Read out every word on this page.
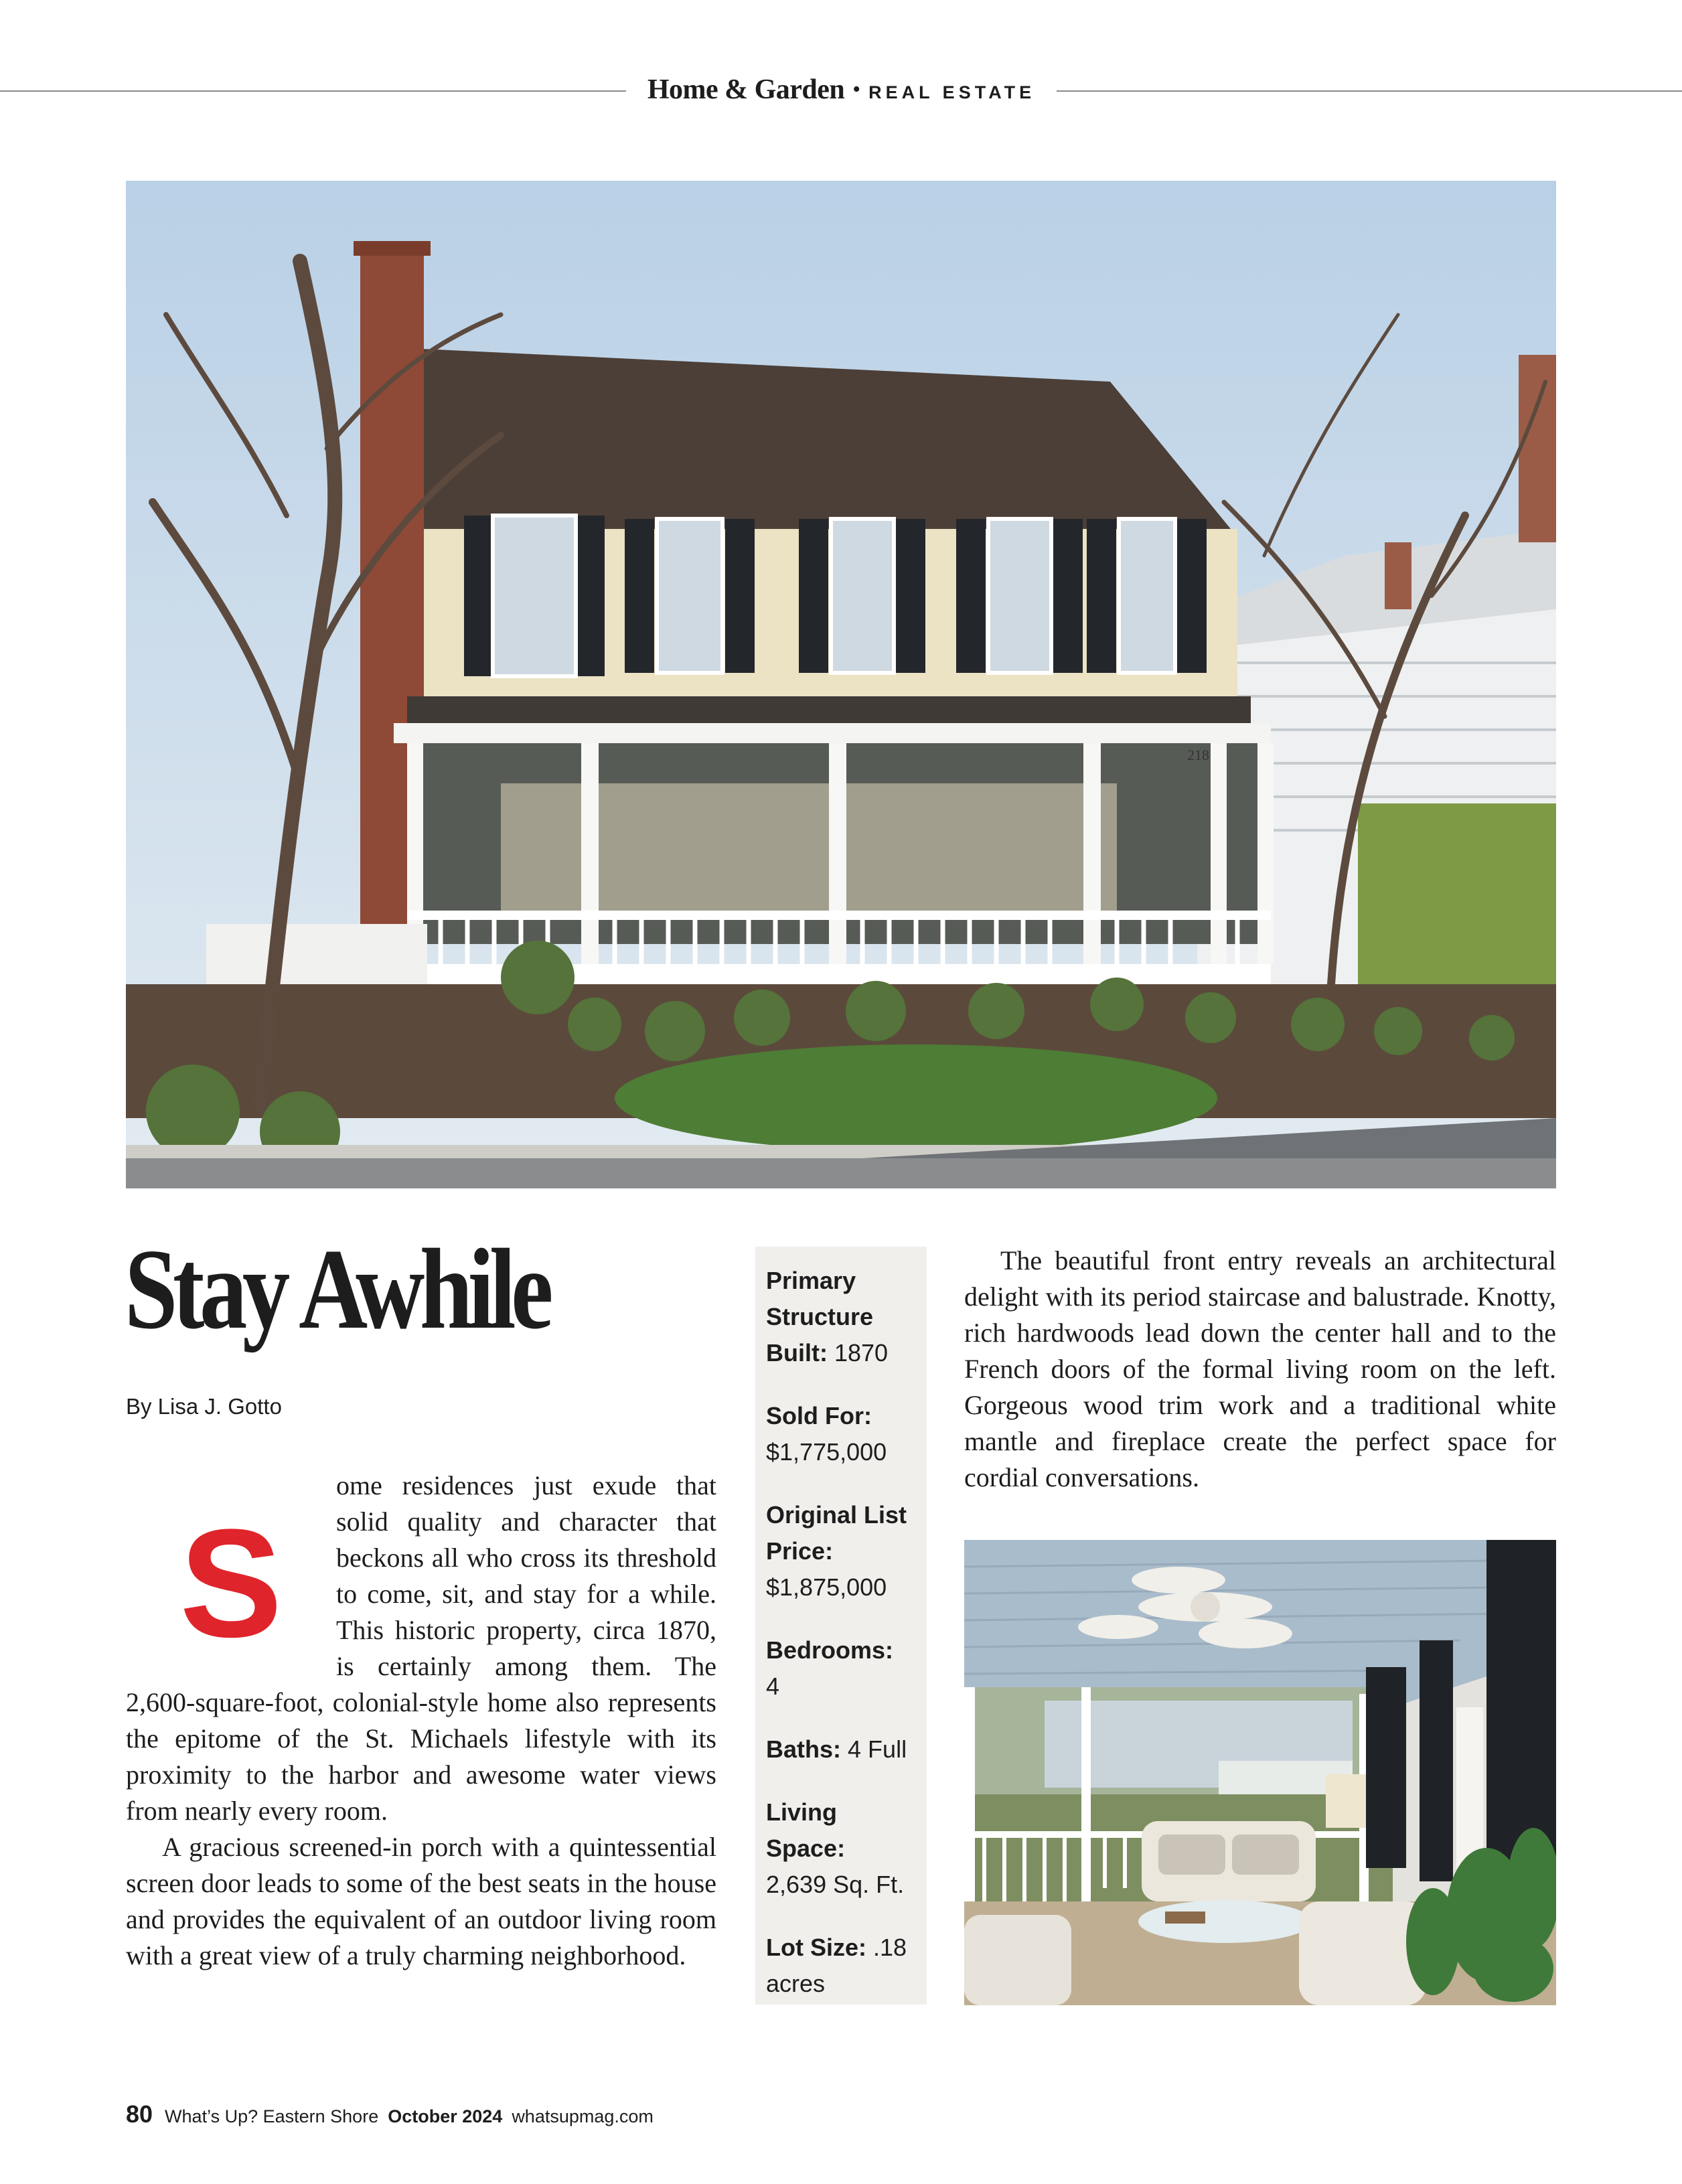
Home & Garden • REAL ESTATE
218
Stay Awhile
By Lisa J. Gotto
S

ome residences just exude that solid quality and character that beckons all who cross its threshold to come, sit, and stay for a while. This historic property, circa 1870, is certainly among them. The 2,600-square-foot, colonial-style home also represents the epitome of the St. Michaels lifestyle with its proximity to the harbor and awesome water views from nearly every room.

A gracious screened-in porch with a quintessential screen door leads to some of the best seats in the house and provides the equivalent of an outdoor living room with a great view of a truly charming neighborhood.

Primary Structure Built: 1870

Sold For:
$1,775,000

Original List Price:
$1,875,000

Bedrooms:
4

Baths: 4 Full

Living Space:
2,639 Sq. Ft.

Lot Size: .18 acres

The beautiful front entry reveals an architectural delight with its period staircase and balustrade. Knotty, rich hardwoods lead down the center hall and to the French doors of the formal living room on the left. Gorgeous wood trim work and a traditional white mantle and fireplace create the perfect space for cordial conversations.

80 What’s Up? Eastern Shore October 2024 whatsupmag.com
